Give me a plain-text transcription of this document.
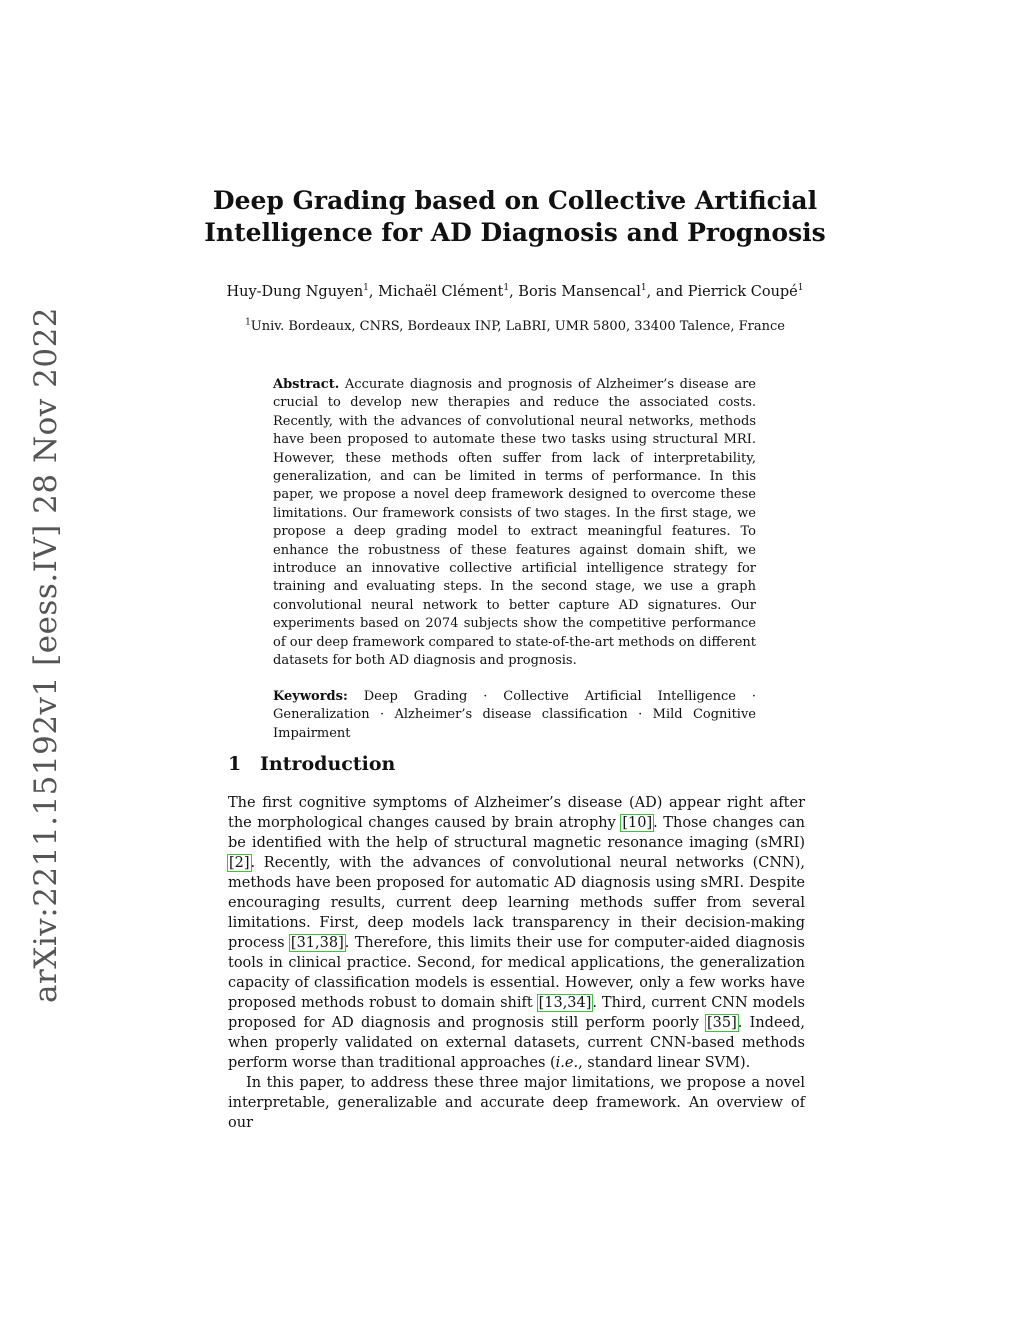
arXiv:2211.15192v1 [eess.IV] 28 Nov 2022
Deep Grading based on Collective Artificial
Intelligence for AD Diagnosis and Prognosis
Huy-Dung Nguyen$^1$, Michaël Clément$^1$, Boris Mansencal$^1$, and Pierrick Coupé$^1$
$^1$Univ. Bordeaux, CNRS, Bordeaux INP, LaBRI, UMR 5800, 33400 Talence, France
Abstract. Accurate diagnosis and prognosis of Alzheimer’s disease are crucial to develop new therapies and reduce the associated costs. Recently, with the advances of convolutional neural networks, methods have been proposed to automate these two tasks using structural MRI. However, these methods often suffer from lack of interpretability, generalization, and can be limited in terms of performance. In this paper, we propose a novel deep framework designed to overcome these limitations. Our framework consists of two stages. In the first stage, we propose a deep grading model to extract meaningful features. To enhance the robustness of these features against domain shift, we introduce an innovative collective artificial intelligence strategy for training and evaluating steps. In the second stage, we use a graph convolutional neural network to better capture AD signatures. Our experiments based on 2074 subjects show the competitive performance of our deep framework compared to state-of-the-art methods on different datasets for both AD diagnosis and prognosis.
Keywords: Deep Grading · Collective Artificial Intelligence · Generalization · Alzheimer’s disease classification · Mild Cognitive Impairment
1 Introduction

The first cognitive symptoms of Alzheimer’s disease (AD) appear right after the morphological changes caused by brain atrophy [10]. Those changes can be identified with the help of structural magnetic resonance imaging (sMRI) [2]. Recently, with the advances of convolutional neural networks (CNN), methods have been proposed for automatic AD diagnosis using sMRI. Despite encouraging results, current deep learning methods suffer from several limitations. First, deep models lack transparency in their decision-making process [31,38]. Therefore, this limits their use for computer-aided diagnosis tools in clinical practice. Second, for medical applications, the generalization capacity of classification models is essential. However, only a few works have proposed methods robust to domain shift [13,34]. Third, current CNN models proposed for AD diagnosis and prognosis still perform poorly [35]. Indeed, when properly validated on external datasets, current CNN-based methods perform worse than traditional approaches (i.e., standard linear SVM).

In this paper, to address these three major limitations, we propose a novel interpretable, generalizable and accurate deep framework. An overview of our
